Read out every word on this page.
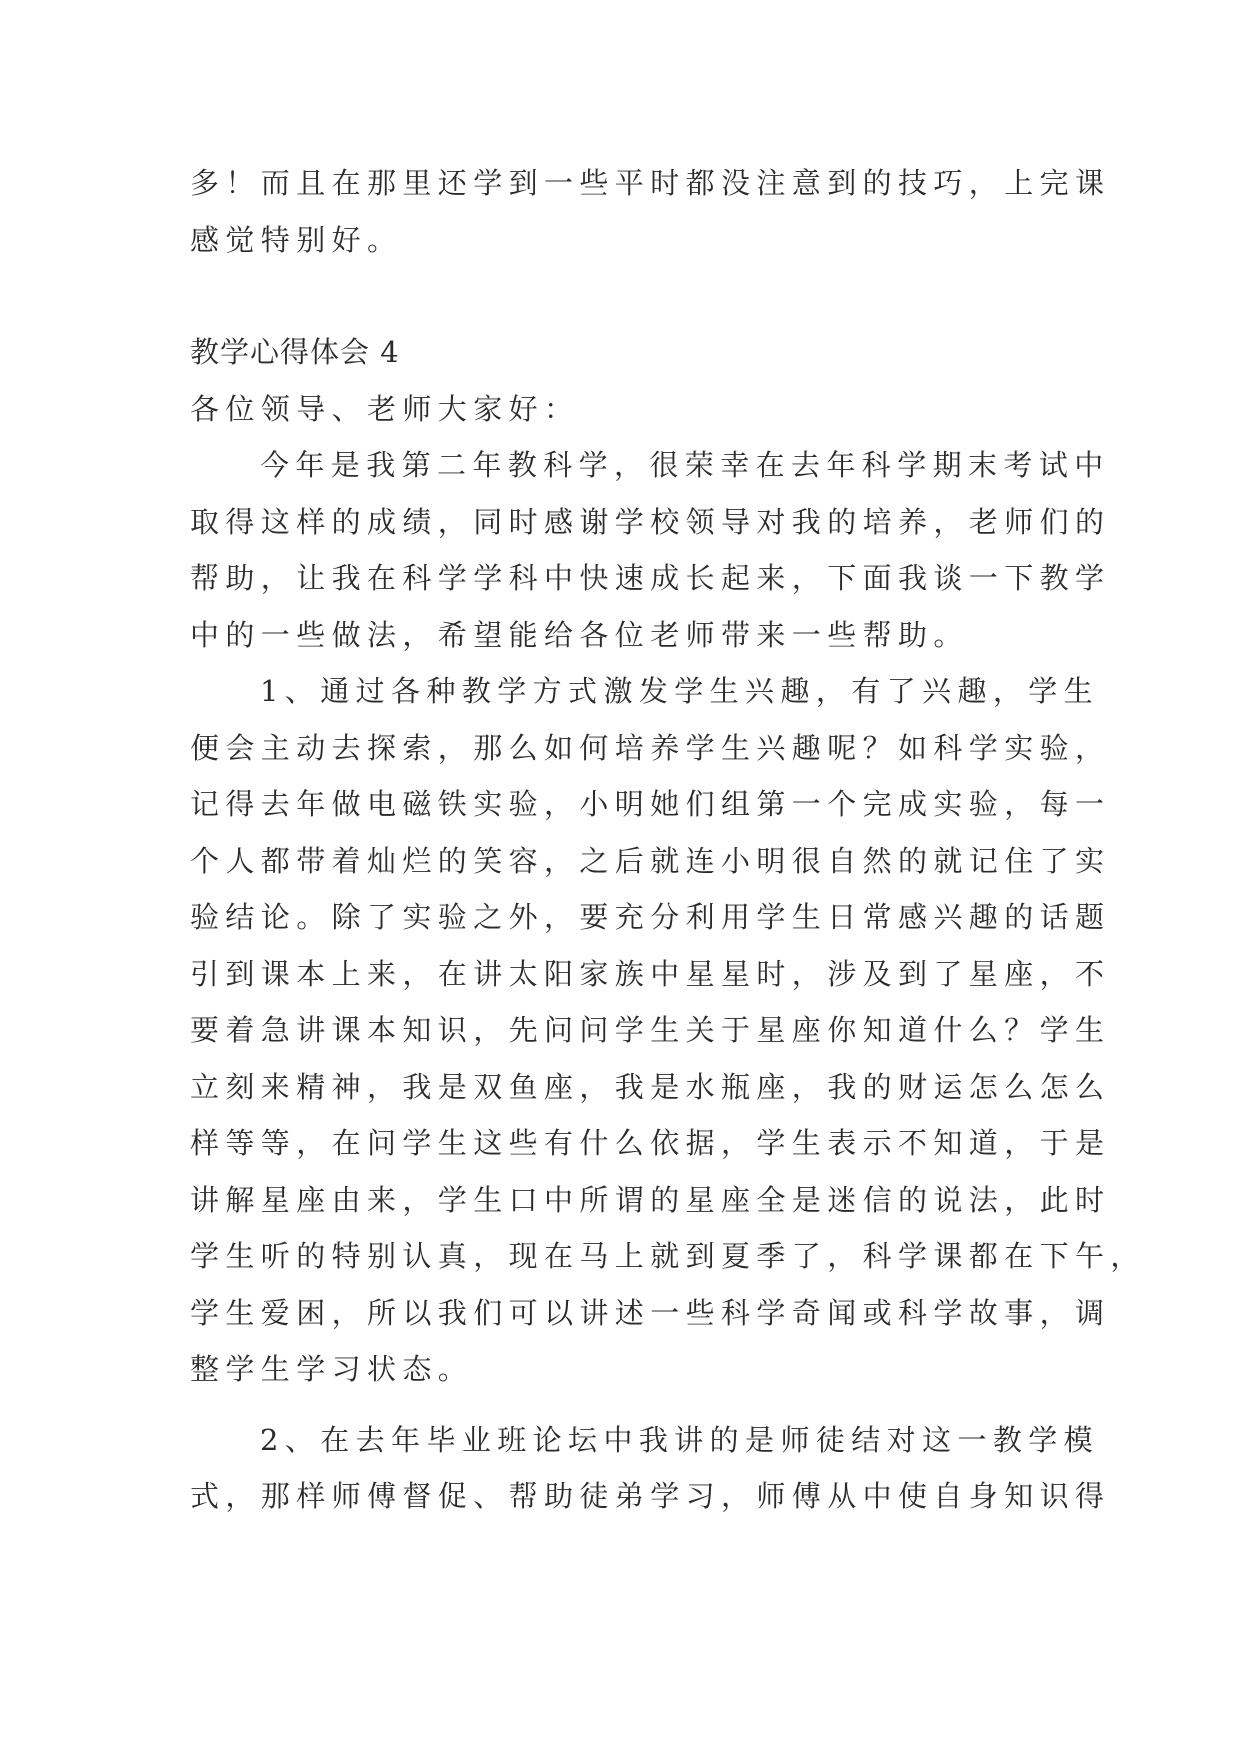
多！而且在那里还学到一些平时都没注意到的技巧，上完课
感觉特别好。
教学心得体会 4
各位领导、老师大家好：
今年是我第二年教科学，很荣幸在去年科学期末考试中
取得这样的成绩，同时感谢学校领导对我的培养，老师们的
帮助，让我在科学学科中快速成长起来，下面我谈一下教学
中的一些做法，希望能给各位老师带来一些帮助。
1、通过各种教学方式激发学生兴趣，有了兴趣，学生
便会主动去探索，那么如何培养学生兴趣呢？如科学实验，
记得去年做电磁铁实验，小明她们组第一个完成实验，每一
个人都带着灿烂的笑容，之后就连小明很自然的就记住了实
验结论。除了实验之外，要充分利用学生日常感兴趣的话题
引到课本上来，在讲太阳家族中星星时，涉及到了星座，不
要着急讲课本知识，先问问学生关于星座你知道什么？学生
立刻来精神，我是双鱼座，我是水瓶座，我的财运怎么怎么
样等等，在问学生这些有什么依据，学生表示不知道，于是
讲解星座由来，学生口中所谓的星座全是迷信的说法，此时
学生听的特别认真，现在马上就到夏季了，科学课都在下午，
学生爱困，所以我们可以讲述一些科学奇闻或科学故事，调
整学生学习状态。
2、在去年毕业班论坛中我讲的是师徒结对这一教学模
式，那样师傅督促、帮助徒弟学习，师傅从中使自身知识得
